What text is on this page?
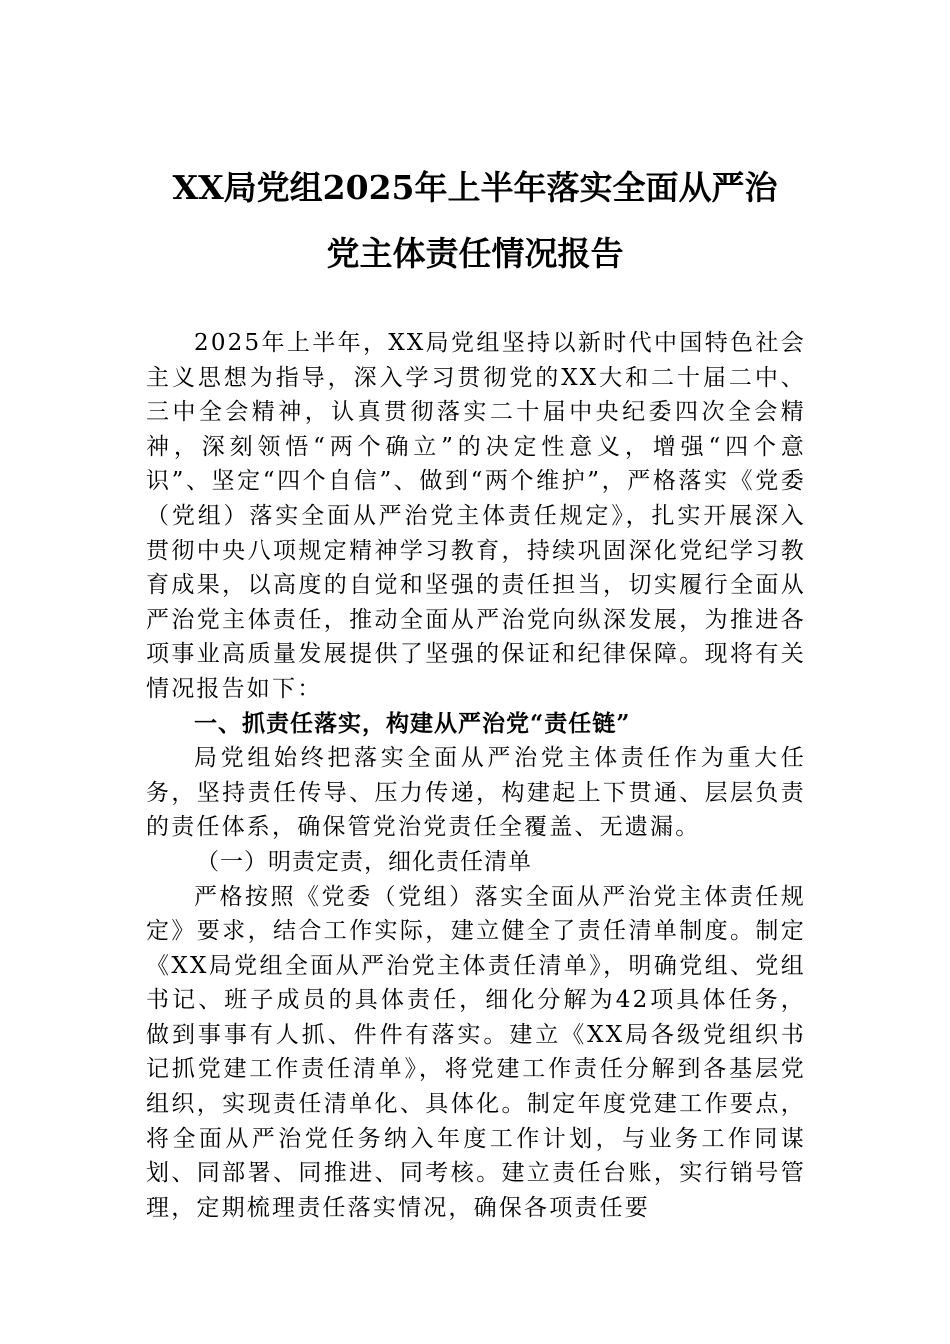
XX局党组2025年上半年落实全面从严治
党主体责任情况报告

2025年上半年，XX局党组坚持以新时代中国特色社会主义思想为指导，深入学习贯彻党的XX大和二十届二中、三中全会精神，认真贯彻落实二十届中央纪委四次全会精神，深刻领悟“两个确立”的决定性意义，增强“四个意识”、坚定“四个自信”、做到“两个维护”，严格落实《党委（党组）落实全面从严治党主体责任规定》，扎实开展深入贯彻中央八项规定精神学习教育，持续巩固深化党纪学习教育成果，以高度的自觉和坚强的责任担当，切实履行全面从严治党主体责任，推动全面从严治党向纵深发展，为推进各项事业高质量发展提供了坚强的保证和纪律保障。现将有关情况报告如下：

一、抓责任落实，构建从严治党“责任链”

局党组始终把落实全面从严治党主体责任作为重大任务，坚持责任传导、压力传递，构建起上下贯通、层层负责的责任体系，确保管党治党责任全覆盖、无遗漏。

（一）明责定责，细化责任清单

严格按照《党委（党组）落实全面从严治党主体责任规定》要求，结合工作实际，建立健全了责任清单制度。制定《XX局党组全面从严治党主体责任清单》，明确党组、党组书记、班子成员的具体责任，细化分解为42项具体任务，做到事事有人抓、件件有落实。建立《XX局各级党组织书记抓党建工作责任清单》，将党建工作责任分解到各基层党组织，实现责任清单化、具体化。制定年度党建工作要点，将全面从严治党任务纳入年度工作计划，与业务工作同谋划、同部署、同推进、同考核。建立责任台账，实行销号管理，定期梳理责任落实情况，确保各项责任要
